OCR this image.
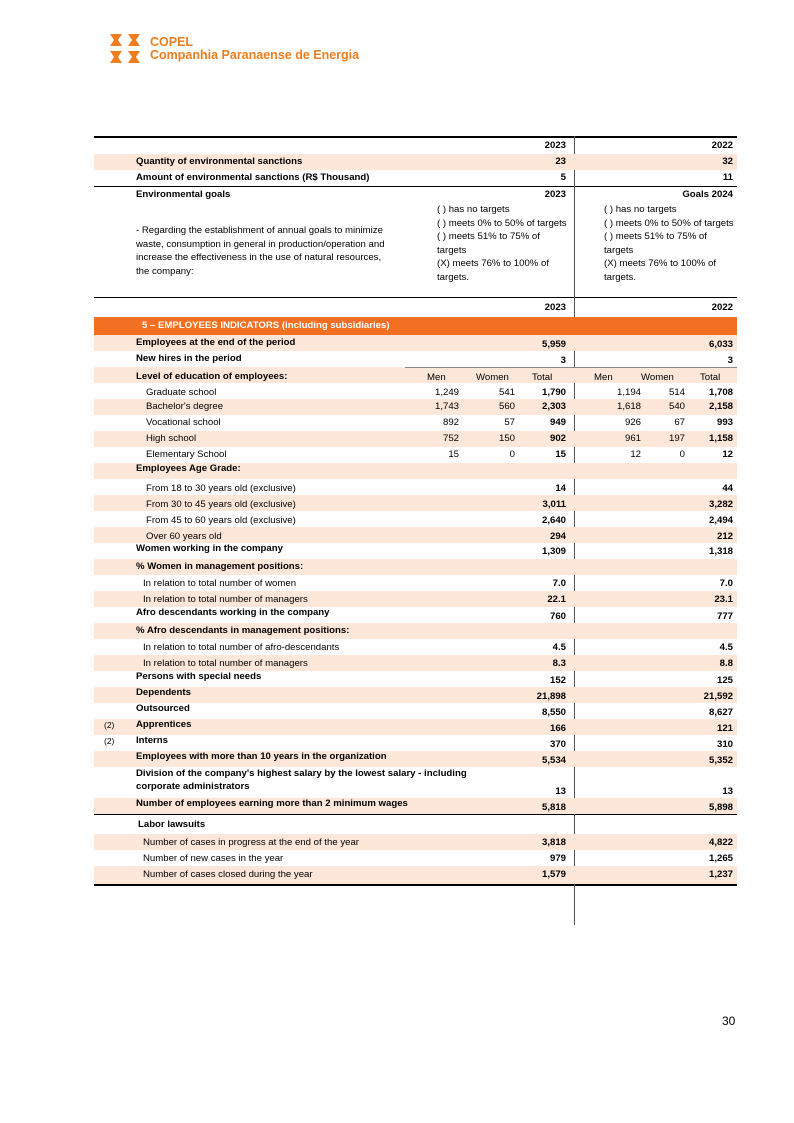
COPEL
Companhia Paranaense de Energia
2023	2022
Quantity of environmental sanctions	23	32
Amount of environmental sanctions (R$ Thousand)	5	11
Environmental goals	2023	Goals 2024
- Regarding the establishment of annual goals to minimize waste, consumption in general in production/operation and increase the effectiveness in the use of natural resources, the company:
( ) has no targets
( ) meets 0% to 50% of targets
( ) meets 51% to 75% of targets
(X) meets 76% to 100% of targets.
( ) has no targets
( ) meets 0% to 50% of targets
( ) meets 51% to 75% of targets
(X) meets 76% to 100% of targets.
2023	2022
5 – EMPLOYEES INDICATORS (including subsidiaries)
Employees at the end of the period	5,959	6,033
New hires in the period	3	3
Level of education of employees:	Men	Women Total	Men	Women	Total
Graduate school	1,249	541	1,790	1,194	514 1,708
Bachelor's degree	1,743	560	2,303	1,618	540 2,158
Vocational school	892	57	949	926	67	993
High school	752	150	902	961	197 1,158
Elementary School	15	0	15	12	0	12
Employees Age Grade:
From 18 to 30 years old (exclusive)	14	44
From 30 to 45 years old (exclusive)	3,011	3,282
From 45 to 60 years old (exclusive)	2,640	2,494
Over 60 years old	294	212
Women working in the company	1,309	1,318
% Women in management positions:
In relation to total number of women	7.0	7.0
In relation to total number of managers	22.1	23.1
Afro descendants working in the company	760	777
% Afro descendants in management positions:
In relation to total number of afro-descendants	4.5	4.5
In relation to total number of managers	8.3	8.8
Persons with special needs	152	125
Dependents	21,898	21,592
Outsourced	8,550	8,627
(2) Apprentices	166	121
(2) Interns	370	310
Employees with more than 10 years in the organization	5,534	5,352
Division of the company's highest salary by the lowest salary - including
corporate administrators	13	13
Number of employees earning more than 2 minimum wages	5,818	5,898
Labor lawsuits
Number of cases in progress at the end of the year	3,818	4,822
Number of new cases in the year	979	1,265
Number of cases closed during the year	1,579	1,237
30
